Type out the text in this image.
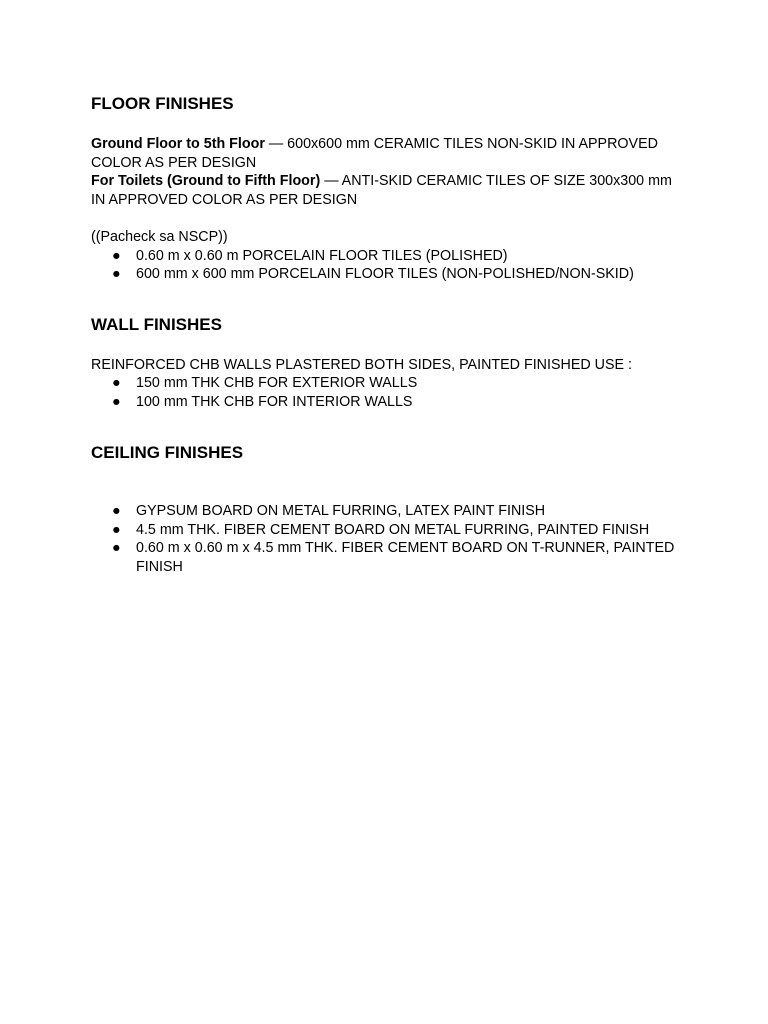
FLOOR FINISHES

Ground Floor to 5th Floor — 600x600 mm CERAMIC TILES NON-SKID IN APPROVED COLOR AS PER DESIGN

For Toilets (Ground to Fifth Floor) — ANTI-SKID CERAMIC TILES OF SIZE 300x300 mm IN APPROVED COLOR AS PER DESIGN

((Pacheck sa NSCP))

● 0.60 m x 0.60 m PORCELAIN FLOOR TILES (POLISHED)
● 600 mm x 600 mm PORCELAIN FLOOR TILES (NON-POLISHED/NON-SKID)
WALL FINISHES

REINFORCED CHB WALLS PLASTERED BOTH SIDES, PAINTED FINISHED USE :

● 150 mm THK CHB FOR EXTERIOR WALLS
● 100 mm THK CHB FOR INTERIOR WALLS
CEILING FINISHES
● GYPSUM BOARD ON METAL FURRING, LATEX PAINT FINISH
● 4.5 mm THK. FIBER CEMENT BOARD ON METAL FURRING, PAINTED FINISH
● 0.60 m x 0.60 m x 4.5 mm THK. FIBER CEMENT BOARD ON T-RUNNER, PAINTED FINISH
